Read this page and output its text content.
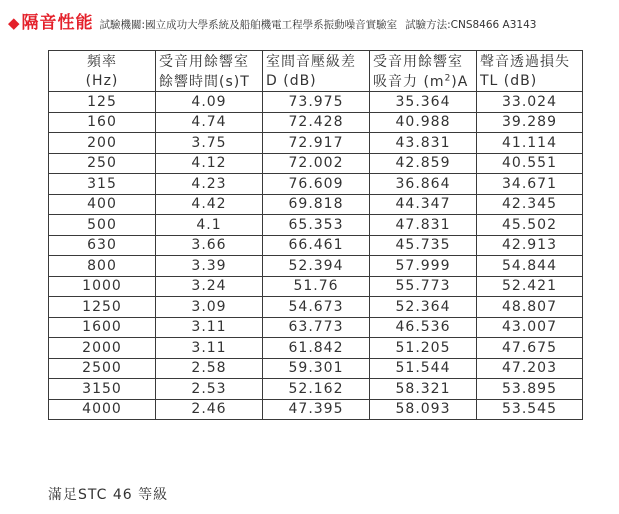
◆ 隔音性能 試驗機關:國立成功大學系統及船舶機電工程學系振動噪音實驗室 試驗方法:CNS8466 A3143
頻率	受音用餘響室	室間音壓級差	受音用餘響室	聲音透過損失
(Hz)	餘響時間(s)T	D (dB)	吸音力 $(m^2)A$	TL (dB)
125	4.09	73.975	35.364	33.024
160	4.74	72.428	40.988	39.289
200	3.75	72.917	43.831	41.114
250	4.12	72.002	42.859	40.551
315	4.23	76.609	36.864	34.671
400	4.42	69.818	44.347	42.345
500	4.1	65.353	47.831	45.502
630	3.66	66.461	45.735	42.913
800	3.39	52.394	57.999	54.844
1000	3.24	51.76	55.773	52.421
1250	3.09	54.673	52.364	48.807
1600	3.11	63.773	46.536	43.007
2000	3.11	61.842	51.205	47.675
2500	2.58	59.301	51.544	47.203
3150	2.53	52.162	58.321	53.895
4000	2.46	47.395	58.093	53.545
滿足STC 46 等級
